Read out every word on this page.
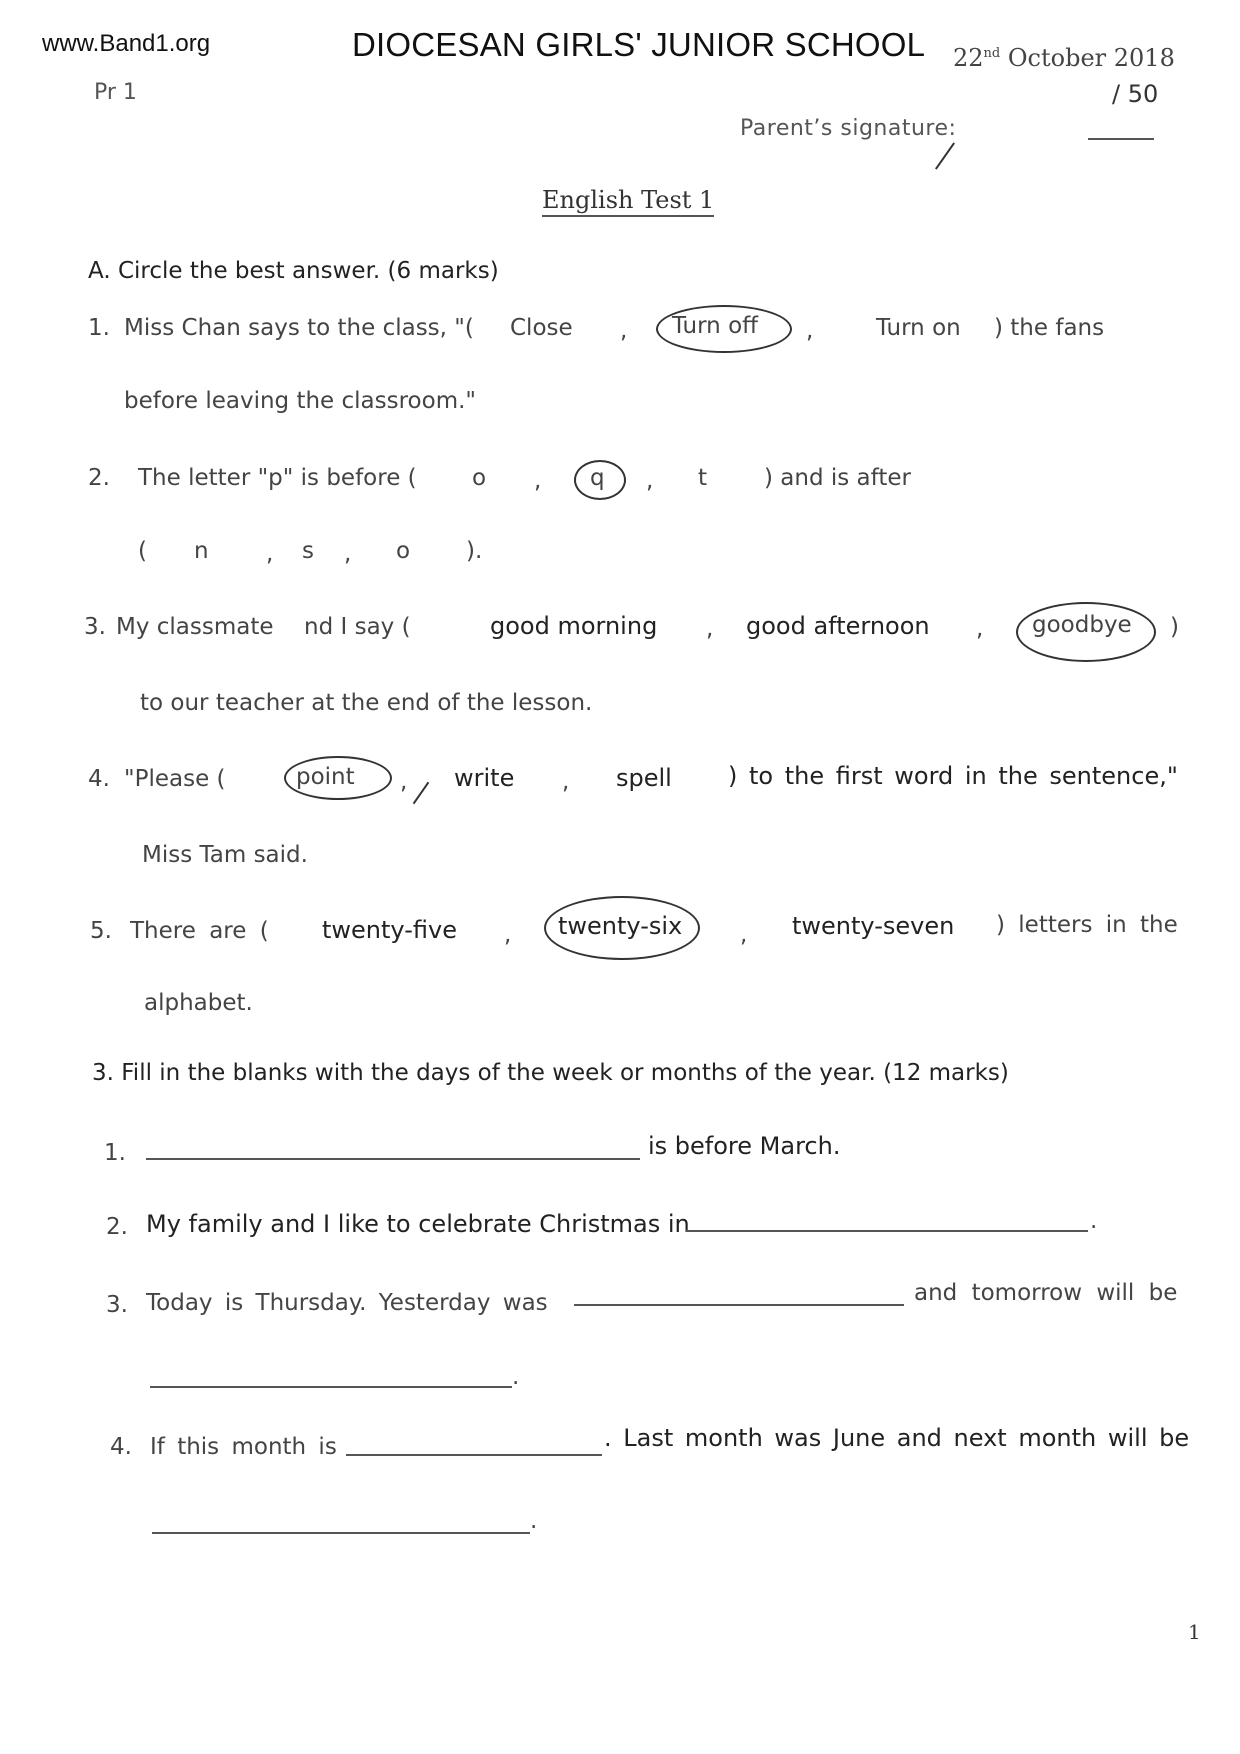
www.Band1.org	DIOCESAN GIRLS' JUNIOR SCHOOL 22nd October 2018
Pr 1	/ 50
Parent’s signature:
English Test 1
A. Circle the best answer. (6 marks)
1. Miss Chan says to the class, "( Close , Turn off ,	Turn on ) the fans
before leaving the classroom."
2. The letter "p" is before ( o , q , t ) and is after
( n , s , o ).
3. My classmate nd I say (	good morning , good afternoon , goodbye )
to our teacher at the end of the lesson.
4. "Please (	point , write , spell ) to the first word in the sentence,"
Miss Tam said.
5. There are ( twenty-five , twenty-six	, twenty-seven ) letters in the
alphabet.
3. Fill in the blanks with the days of the week or months of the year. (12 marks)
1.	is before March.
2. My family and I like to celebrate Christmas in	.
3. Today is Thursday. Yesterday was	and tomorrow will be
.
4. If this month is	. Last month was June and next month will be
.
1
